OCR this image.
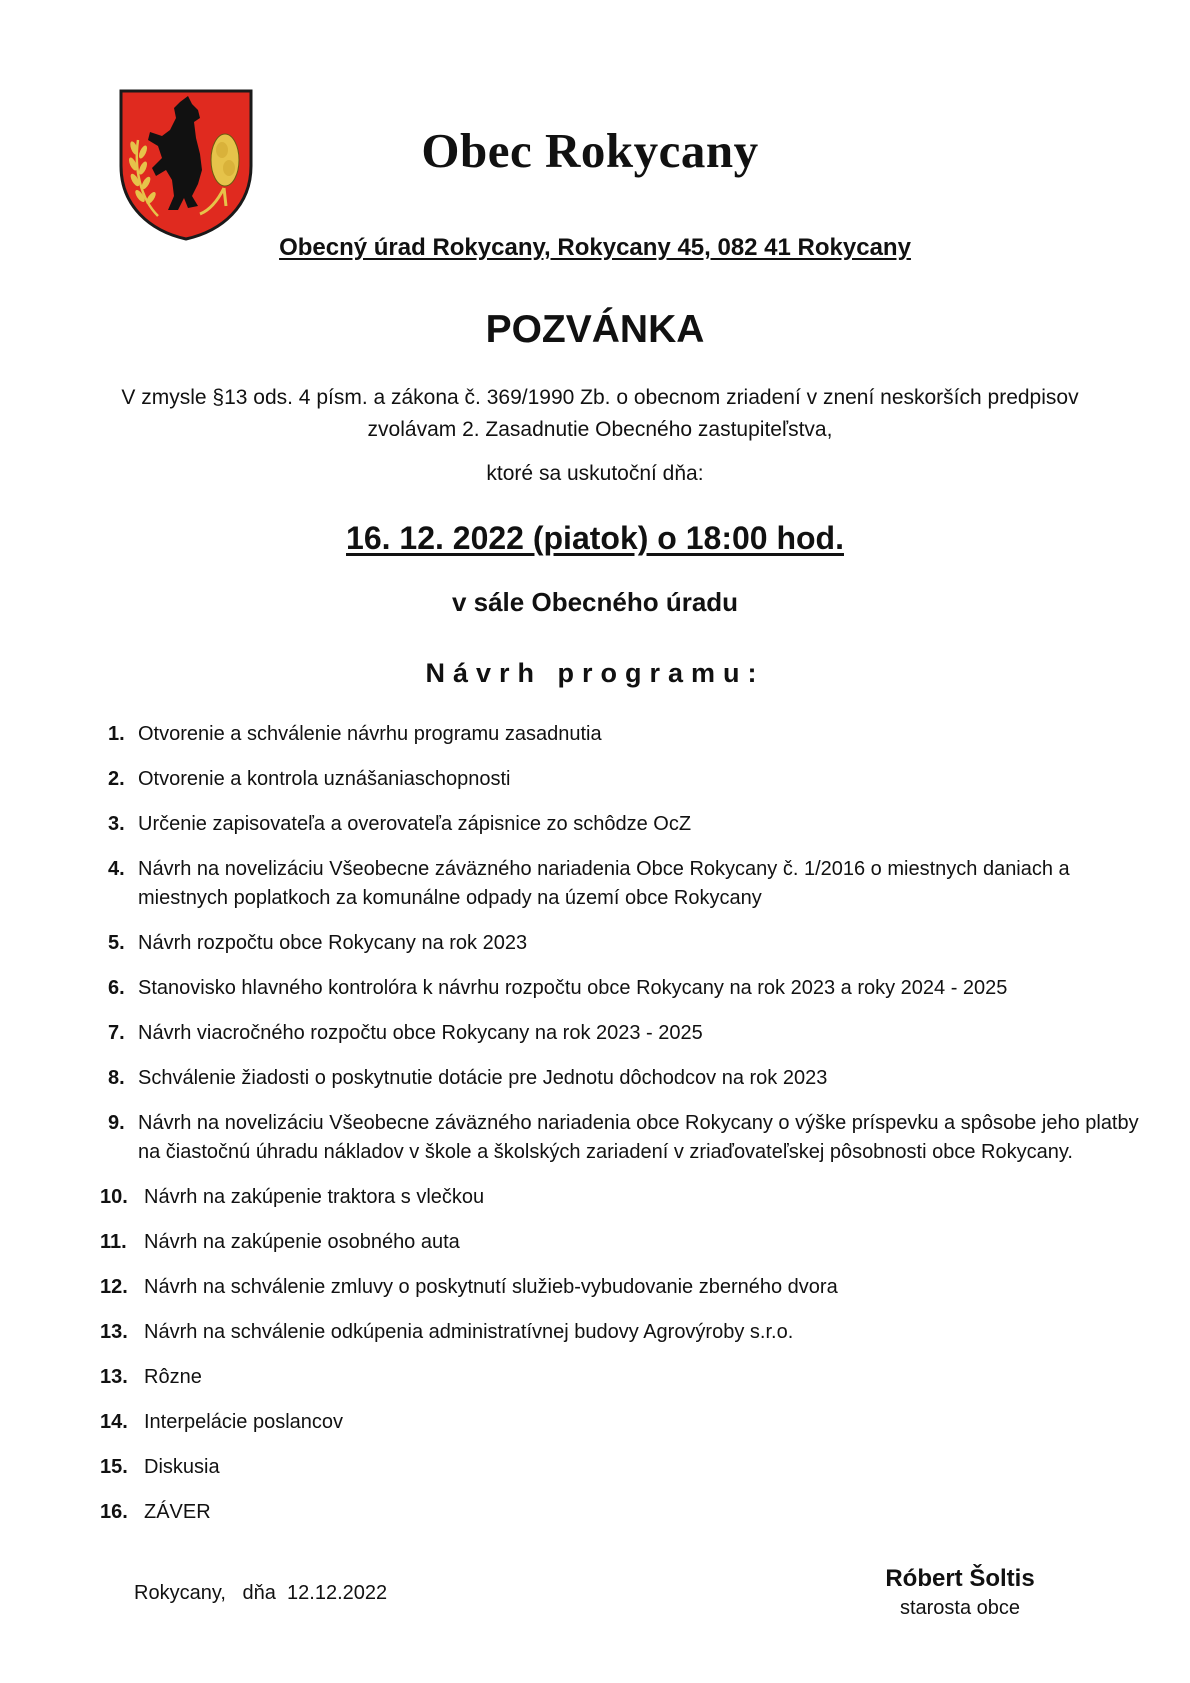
Obec Rokycany
Obecný úrad Rokycany, Rokycany 45, 082 41 Rokycany
POZVÁNKA
V zmysle §13 ods. 4 písm. a zákona č. 369/1990 Zb. o obecnom zriadení v znení neskorších predpisov zvolávam 2. Zasadnutie Obecného zastupiteľstva,
ktoré sa uskutoční dňa:
16. 12. 2022 (piatok) o 18:00 hod.
v sále Obecného úradu
Návrh programu:
1. Otvorenie a schválenie návrhu programu zasadnutia
2. Otvorenie a kontrola uznášaniaschopnosti
3. Určenie zapisovateľa a overovateľa zápisnice zo schôdze OcZ
4. Návrh na novelizáciu Všeobecne záväzného nariadenia Obce Rokycany č. 1/2016 o miestnych daniach a miestnych poplatkoch za komunálne odpady na území obce Rokycany
5. Návrh rozpočtu obce Rokycany na rok 2023
6. Stanovisko hlavného kontrolóra k návrhu rozpočtu obce Rokycany na rok 2023 a roky 2024 - 2025
7. Návrh viacročného rozpočtu obce Rokycany na rok 2023 - 2025
8. Schválenie žiadosti o poskytnutie dotácie pre Jednotu dôchodcov na rok 2023
9. Návrh na novelizáciu Všeobecne záväzného nariadenia obce Rokycany o výške príspevku a spôsobe jeho platby na čiastočnú úhradu nákladov v škole a školských zariadení v zriaďovateľskej pôsobnosti obce Rokycany.
10. Návrh na zakúpenie traktora s vlečkou
11. Návrh na zakúpenie osobného auta
12. Návrh na schválenie zmluvy o poskytnutí služieb-vybudovanie zberného dvora
13. Návrh na schválenie odkúpenia administratívnej budovy Agrovýroby s.r.o.
13. Rôzne
14. Interpelácie poslancov
15. Diskusia
16. ZÁVER
Rokycany,   dňa  12.12.2022
Róbert Šoltis
starosta obce
